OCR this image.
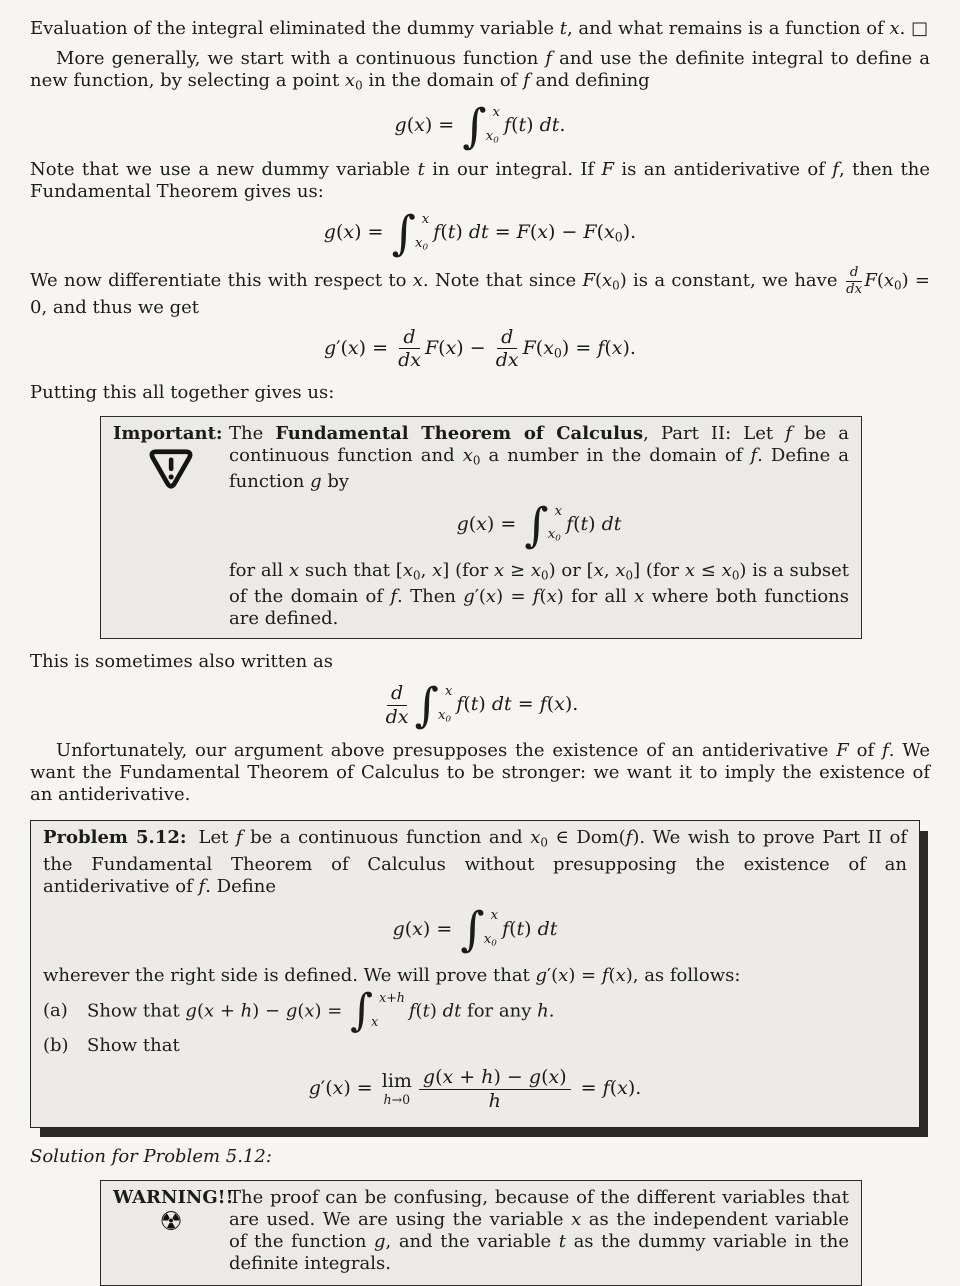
Evaluation of the integral eliminated the dummy variable t, and what remains is a function of x. □

More generally, we start with a continuous function f and use the definite integral to define a new function, by selecting a point x0 in the domain of f and defining

g(x) = ∫ x
x0
f(t) dt.

Note that we use a new dummy variable t in our integral. If F is an antiderivative of f, then the Fundamental Theorem gives us:

g(x) = ∫ x
x0
f(t) dt = F(x) − F(x0).

We now differentiate this with respect to x. Note that since F(x0) is a constant, we have $\frac{d}{dx} F(x0) = 0$, and thus we get

$g'(x) = \frac{d}{dx} F(x) - \frac{d}{dx} F(x0) = f(x)$.

Putting this all together gives us:

Important: The Fundamental Theorem of Calculus, Part II: Let f be a continuous function and x0 a number in the domain of f. Define a function g by

g(x) = ∫ x
x0
f(t) dt

for all x such that [x0, x] (for x ≥ x0) or [x, x0] (for x ≤ x0) is a subset of the domain of f. Then g′(x) = f(x) for all x where both functions are defined.

This is sometimes also written as

$\frac{d}{dx}$ ∫ x
x0
f(t) dt = f(x).

Unfortunately, our argument above presupposes the existence of an antiderivative F of f. We want the Fundamental Theorem of Calculus to be stronger: we want it to imply the existence of an antiderivative.

Problem 5.12: Let f be a continuous function and x0 ∈ Dom(f). We wish to prove Part II of the Fundamental Theorem of Calculus without presupposing the existence of an antiderivative of f. Define

g(x) = ∫ x
x0
f(t) dt

wherever the right side is defined. We will prove that g′(x) = f(x), as follows:

(a)	Show that g(x + h) − g(x) = ∫ x+h
x
f(t) dt for any h.
(b)	Show that
g′(x) = lim
$h\to 0 \frac{g(x + h) - g(x)}{h} = f(x)$.

Solution for Problem 5.12:

WARNING!!
☢

The proof can be confusing, because of the different variables that are used. We are using the variable x as the independent variable of the function g, and the variable t as the dummy variable in the definite integrals.
